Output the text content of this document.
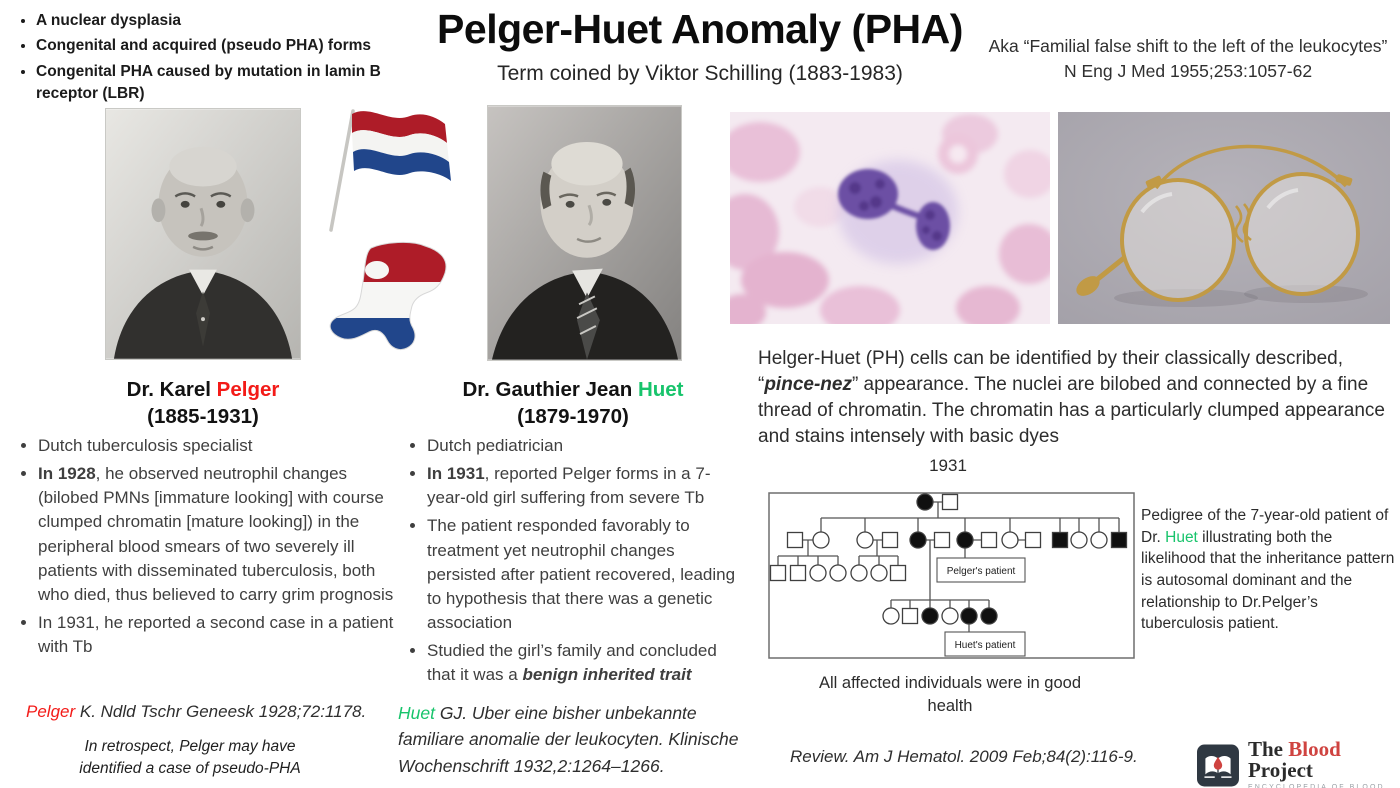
• A nuclear dysplasia
• Congenital and acquired (pseudo PHA) forms
• Congenital PHA caused by mutation in lamin B receptor (LBR)
Pelger-Huet Anomaly (PHA)
Term coined by Viktor Schilling (1883-1983)
Aka “Familial false shift to the left of the leukocytes” N Eng J Med 1955;253:1057-62
Dr. Karel Pelger
(1885-1931)
Dr. Gauthier Jean Huet
(1879-1970)
• Dutch tuberculosis specialist
• In 1928, he observed neutrophil changes (bilobed PMNs [immature looking] with course clumped chromatin [mature looking]) in the peripheral blood smears of two severely ill patients with disseminated tuberculosis, both who died, thus believed to carry grim prognosis
• In 1931, he reported a second case in a patient with Tb
• Dutch pediatrician
• In 1931, reported Pelger forms in a 7-year-old girl suffering from severe Tb
• The patient responded favorably to treatment yet neutrophil changes persisted after patient recovered, leading to hypothesis that there was a genetic association
• Studied the girl’s family and concluded that it was a benign inherited trait
Pelger K. Ndld Tschr Geneesk 1928;72:1178.
In retrospect, Pelger may have identified a case of pseudo-PHA
Huet GJ. Uber eine bisher unbekannte familiare anomalie der leukocyten. Klinische Wochenschrift 1932,2:1264–1266.
Helger-Huet (PH) cells can be identified by their classically described, “pince-nez” appearance. The nuclei are bilobed and connected by a fine thread of chromatin. The chromatin has a particularly clumped appearance and stains intensely with basic dyes
1931
Pelger's patient
Huet's patient
Pedigree of the 7-year-old patient of Dr. Huet illustrating both the likelihood that the inheritance pattern is autosomal dominant and the relationship to Dr.Pelger’s tuberculosis patient.
All affected individuals were in good health
Review. Am J Hematol. 2009 Feb;84(2):116-9.	The Blood Project
ENCYCLOPEDIA OF BLOOD
